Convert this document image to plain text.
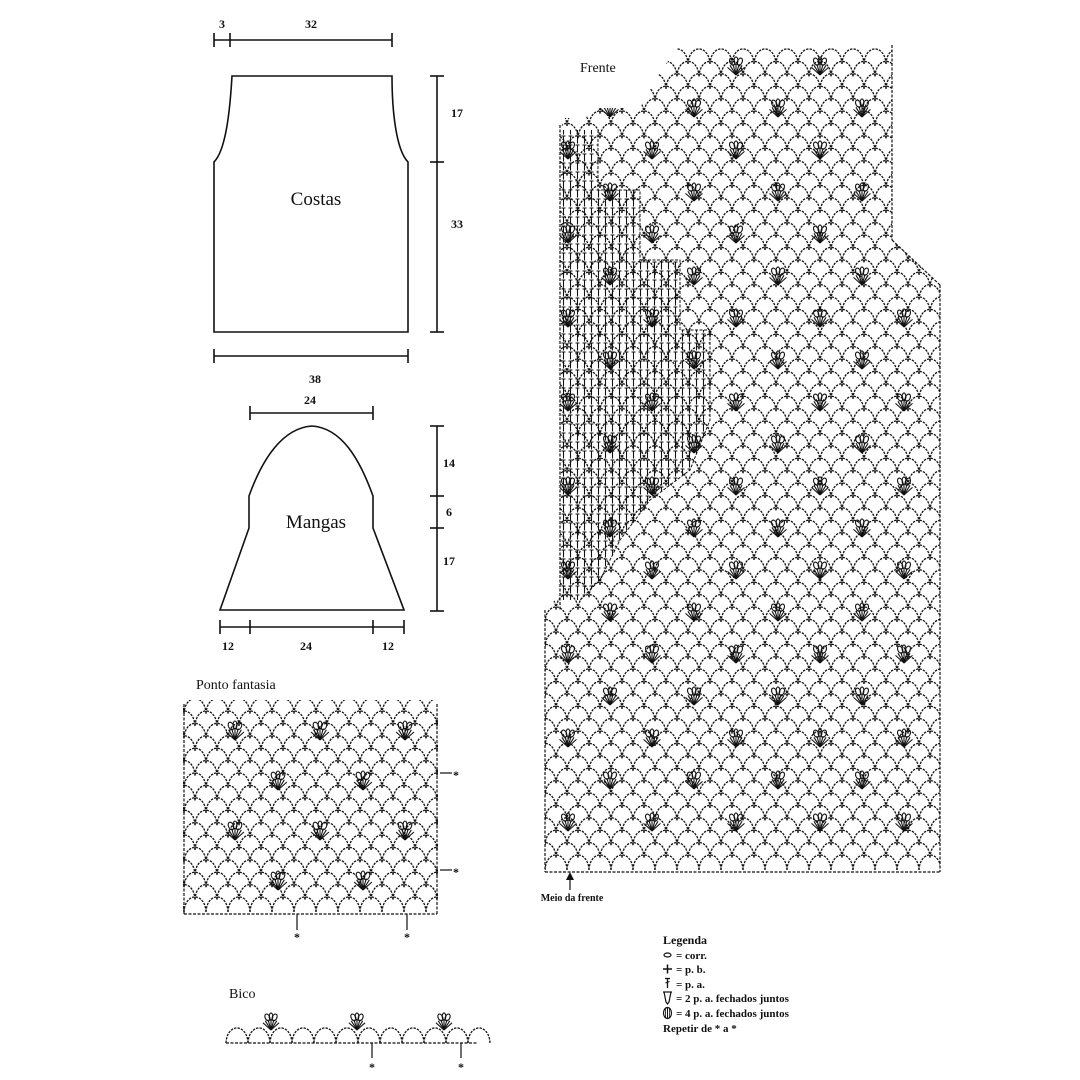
3	32
Costas
17
33
38
24
Mangas
14
6
17
12	24	12
Ponto fantasia
*
*
*	*
Bico
*	*
Frente
Meio da frente
Legenda
= corr.
= p. b.
= p. a.
= 2 p. a. fechados juntos
= 4 p. a. fechados juntos
Repetir de * a *
